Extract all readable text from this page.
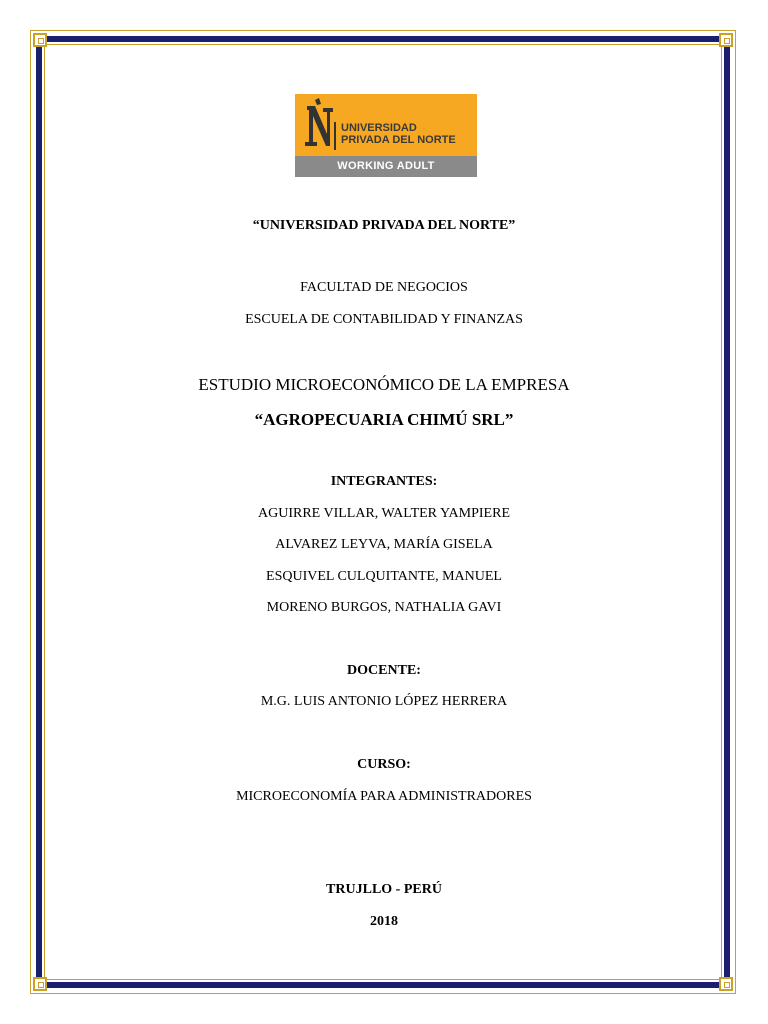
UNIVERSIDAD
PRIVADA DEL NORTE
WORKING ADULT
“UNIVERSIDAD PRIVADA DEL NORTE”
FACULTAD DE NEGOCIOS
ESCUELA DE CONTABILIDAD Y FINANZAS
ESTUDIO MICROECONÓMICO DE LA EMPRESA
“AGROPECUARIA CHIMÚ SRL”
INTEGRANTES:
AGUIRRE VILLAR, WALTER YAMPIERE
ALVAREZ LEYVA, MARÍA GISELA
ESQUIVEL CULQUITANTE, MANUEL
MORENO BURGOS, NATHALIA GAVI
DOCENTE:
M.G. LUIS ANTONIO LÓPEZ HERRERA
CURSO:
MICROECONOMÍA PARA ADMINISTRADORES
TRUJLLO - PERÚ
2018
